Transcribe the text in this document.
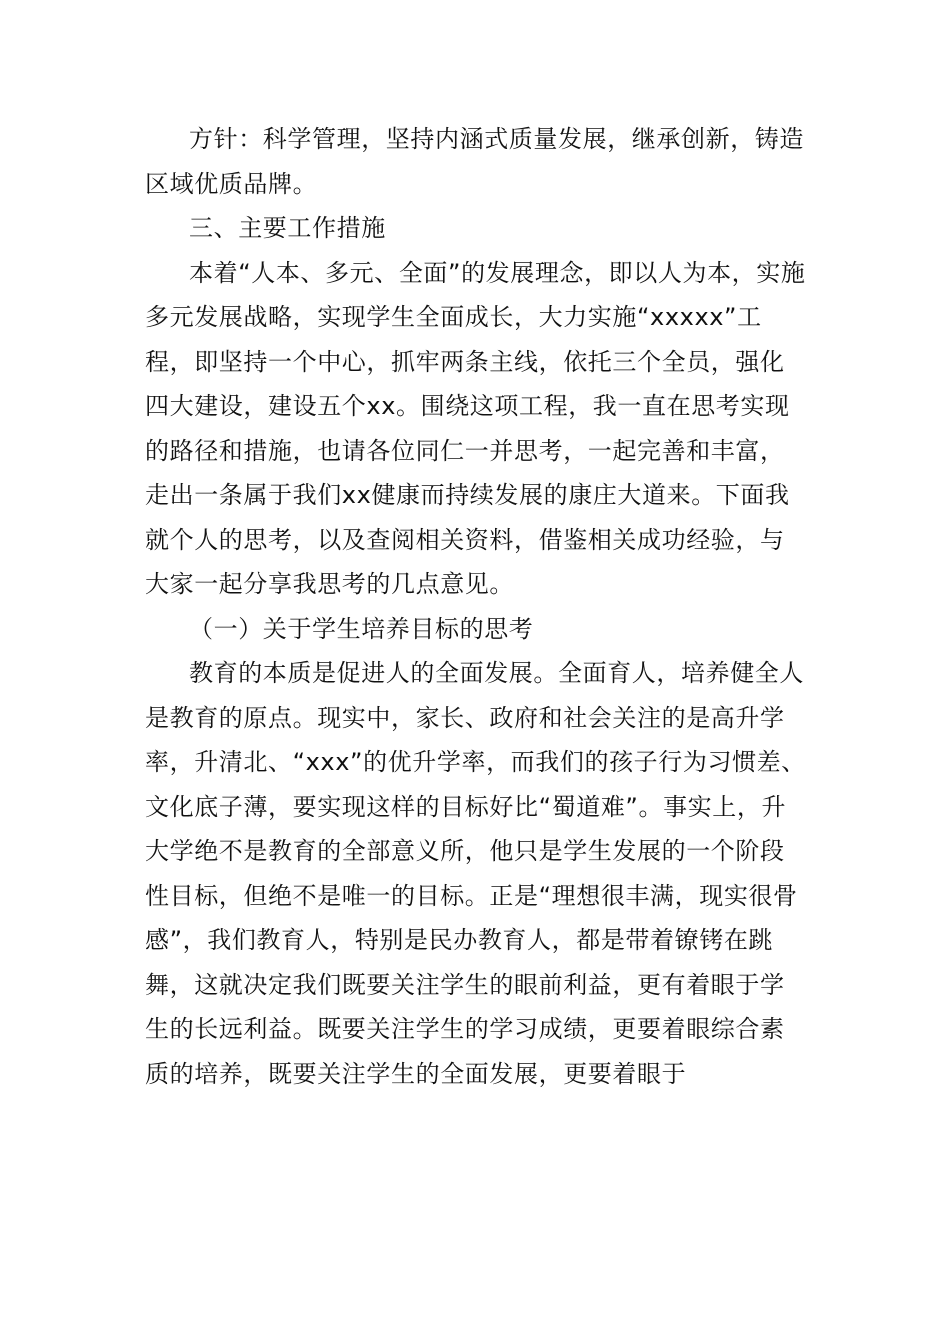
方针：科学管理，坚持内涵式质量发展，继承创新，铸造区域优质品牌。

三、主要工作措施

本着“人本、多元、全面”的发展理念，即以人为本，实施多元发展战略，实现学生全面成长，大力实施“xxxxx”工程，即坚持一个中心，抓牢两条主线，依托三个全员，强化四大建设，建设五个xx。围绕这项工程，我一直在思考实现的路径和措施，也请各位同仁一并思考，一起完善和丰富，走出一条属于我们xx健康而持续发展的康庄大道来。下面我就个人的思考，以及查阅相关资料，借鉴相关成功经验，与大家一起分享我思考的几点意见。

（一）关于学生培养目标的思考

教育的本质是促进人的全面发展。全面育人，培养健全人是教育的原点。现实中，家长、政府和社会关注的是高升学率，升清北、“xxx”的优升学率，而我们的孩子行为习惯差、文化底子薄，要实现这样的目标好比“蜀道难”。事实上，升大学绝不是教育的全部意义所，他只是学生发展的一个阶段性目标，但绝不是唯一的目标。正是“理想很丰满，现实很骨感”，我们教育人，特别是民办教育人，都是带着镣铐在跳舞，这就决定我们既要关注学生的眼前利益，更有着眼于学生的长远利益。既要关注学生的学习成绩，更要着眼综合素质的培养，既要关注学生的全面发展，更要着眼于
